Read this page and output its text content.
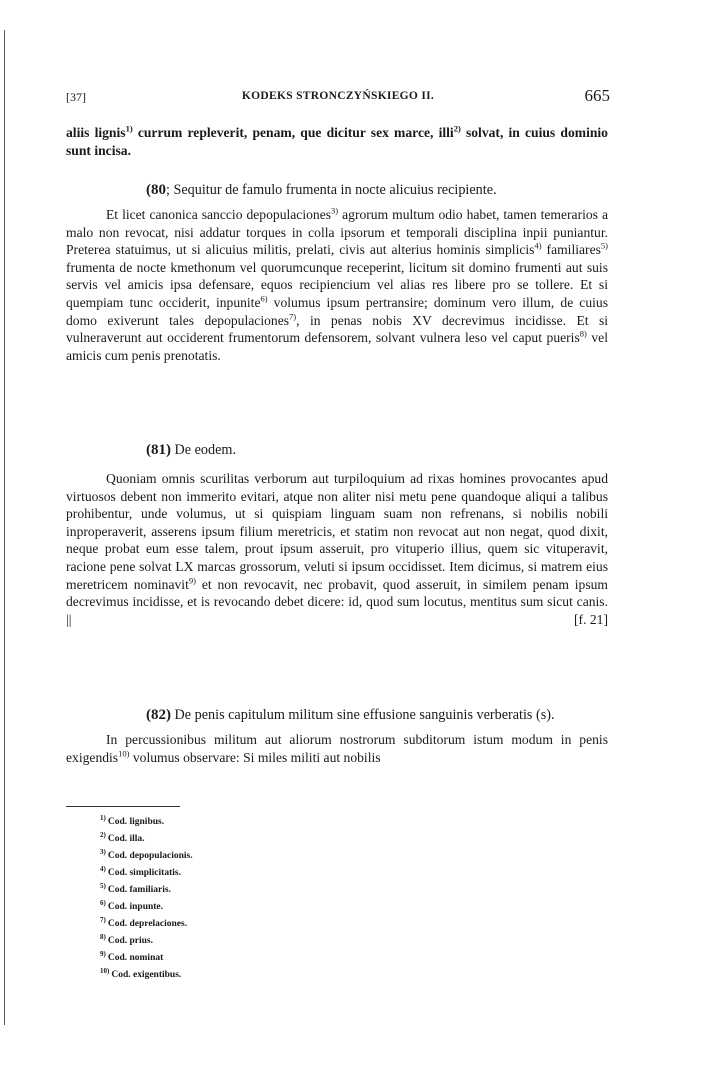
[37]	KODEKS STRONCZYŃSKIEGO II.	665

aliis lignis$^{1)}$ currum repleverit, penam, que dicitur sex marce, illi$^{2)}$ solvat, in cuius dominio sunt incisa.

(80; Sequitur de famulo frumenta in nocte alicuius recipiente.

Et licet canonica sanccio depopulaciones$^{3)}$ agrorum multum odio habet, tamen temerarios a malo non revocat, nisi addatur torques in colla ipsorum et temporali disciplina inpii puniantur. Preterea statuimus, ut si alicuius militis, prelati, civis aut alterius hominis simplicis$^{4)}$ familiares$^{5)}$ frumenta de nocte kmethonum vel quorumcunque receperint, licitum sit domino frumenti aut suis servis vel amicis ipsa defensare, equos recipiencium vel alias res libere pro se tollere. Et si quempiam tunc occiderit, inpunite$^{6)}$ volumus ipsum pertransire; dominum vero illum, de cuius domo exiverunt tales depopulaciones$^{7)}$, in penas nobis XV decrevimus incidisse. Et si vulneraverunt aut occiderent frumentorum defensorem, solvant vulnera leso vel caput pueris$^{8)}$ vel amicis cum penis prenotatis.

(81) De eodem.

Quoniam omnis scurilitas verborum aut turpiloquium ad rixas homines provocantes apud virtuosos debent non immerito evitari, atque non aliter nisi metu pene quandoque aliqui a talibus prohibentur, unde volumus, ut si quispiam linguam suam non refrenans, si nobilis nobili inproperaverit, asserens ipsum filium meretricis, et statim non revocat aut non negat, quod dixit, neque probat eum esse talem, prout ipsum asseruit, pro vituperio illius, quem sic vituperavit, racione pene solvat LX marcas grossorum, veluti si ipsum occidisset. Item dicimus, si matrem eius meretricem nominavit$^{9)}$ et non revocavit, nec probavit, quod asseruit, in similem penam ipsum decrevimus incidisse, et is revocando debet dicere: id, quod sum locutus, mentitus sum sicut canis. ||	[f. 21]

(82) De penis capitulum militum sine effusione sanguinis verberatis (s).

In percussionibus militum aut aliorum nostrorum subditorum istum modum in penis exigendis$^{10)}$ volumus observare: Si miles militi aut nobilis

$^{1)}$ Cod. lignibus.
$^{2)}$ Cod. illa.
$^{3)}$ Cod. depopulacionis.
$^{4)}$ Cod. simplicitatis.
$^{5)}$ Cod. familiaris.
$^{6)}$ Cod. inpunte.
$^{7)}$ Cod. deprelaciones.
$^{8)}$ Cod. prius.
$^{9)}$ Cod. nominat
$^{10)}$ Cod. exigentibus.
